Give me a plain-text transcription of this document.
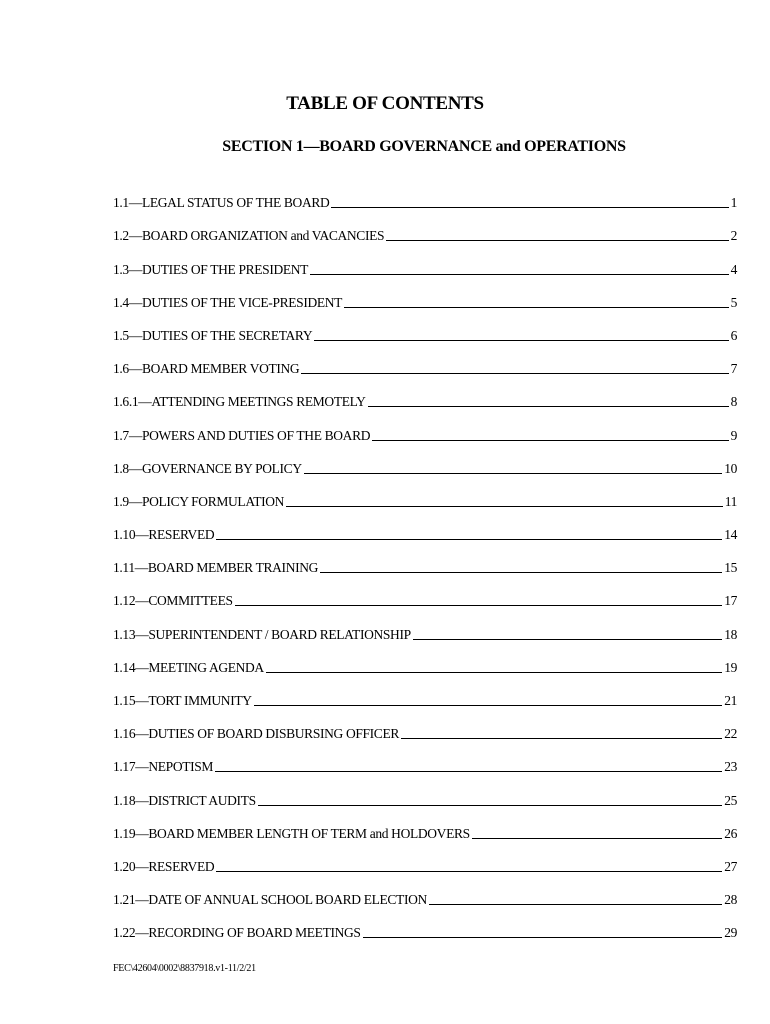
TABLE OF CONTENTS
SECTION 1—BOARD GOVERNANCE and OPERATIONS
1.1—LEGAL STATUS OF THE BOARD	1
1.2—BOARD ORGANIZATION and VACANCIES	2
1.3—DUTIES OF THE PRESIDENT	4
1.4—DUTIES OF THE VICE-PRESIDENT	5
1.5—DUTIES OF THE SECRETARY	6
1.6—BOARD MEMBER VOTING	7
1.6.1—ATTENDING MEETINGS REMOTELY	8
1.7—POWERS AND DUTIES OF THE BOARD	9
1.8—GOVERNANCE BY POLICY	10
1.9—POLICY FORMULATION	11
1.10—RESERVED	14
1.11—BOARD MEMBER TRAINING	15
1.12—COMMITTEES	17
1.13—SUPERINTENDENT / BOARD RELATIONSHIP	18
1.14—MEETING AGENDA	19
1.15—TORT IMMUNITY	21
1.16—DUTIES OF BOARD DISBURSING OFFICER	22
1.17—NEPOTISM	23
1.18—DISTRICT AUDITS	25
1.19—BOARD MEMBER LENGTH OF TERM and HOLDOVERS	26
1.20—RESERVED	27
1.21—DATE OF ANNUAL SCHOOL BOARD ELECTION	28
1.22—RECORDING OF BOARD MEETINGS	29
FEC\42604\0002\8837918.v1-11/2/21
